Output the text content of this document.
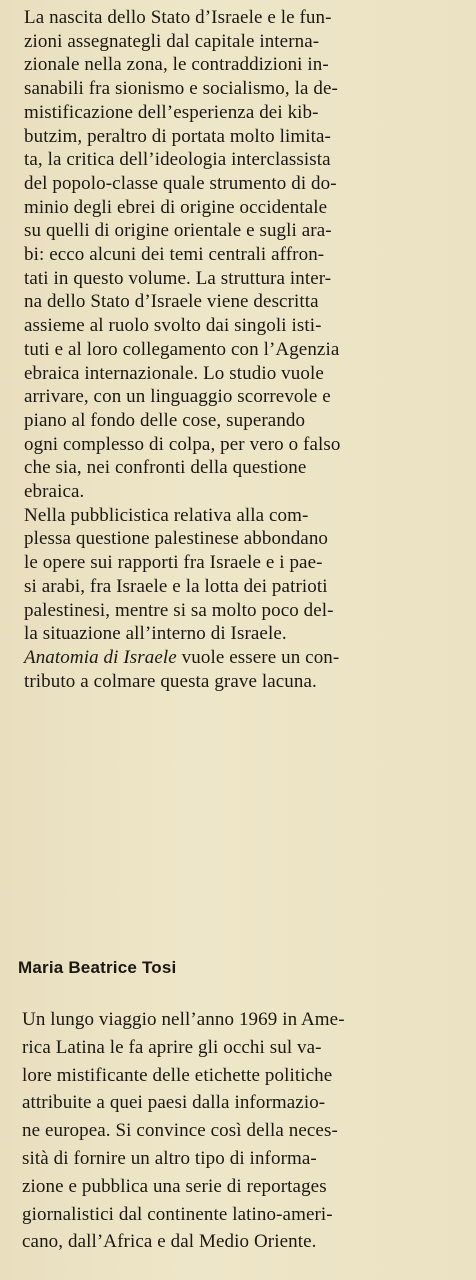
La nascita dello Stato d’Israele e le fun-
zioni assegnategli dal capitale interna-
zionale nella zona, le contraddizioni in-
sanabili fra sionismo e socialismo, la de-
mistificazione dell’esperienza dei kib-
butzim, peraltro di portata molto limita-
ta, la critica dell’ideologia interclassista
del popolo-classe quale strumento di do-
minio degli ebrei di origine occidentale
su quelli di origine orientale e sugli ara-
bi: ecco alcuni dei temi centrali affron-
tati in questo volume. La struttura inter-
na dello Stato d’Israele viene descritta
assieme al ruolo svolto dai singoli isti-
tuti e al loro collegamento con l’Agenzia
ebraica internazionale. Lo studio vuole
arrivare, con un linguaggio scorrevole e
piano al fondo delle cose, superando
ogni complesso di colpa, per vero o falso
che sia, nei confronti della questione
ebraica.
Nella pubblicistica relativa alla com-
plessa questione palestinese abbondano
le opere sui rapporti fra Israele e i pae-
si arabi, fra Israele e la lotta dei patrioti
palestinesi, mentre si sa molto poco del-
la situazione all’interno di Israele.
Anatomia di Israele vuole essere un con-
tributo a colmare questa grave lacuna.
Maria Beatrice Tosi
Un lungo viaggio nell’anno 1969 in Ame-
rica Latina le fa aprire gli occhi sul va-
lore mistificante delle etichette politiche
attribuite a quei paesi dalla informazio-
ne europea. Si convince così della neces-
sità di fornire un altro tipo di informa-
zione e pubblica una serie di reportages
giornalistici dal continente latino-ameri-
cano, dall’Africa e dal Medio Oriente.
